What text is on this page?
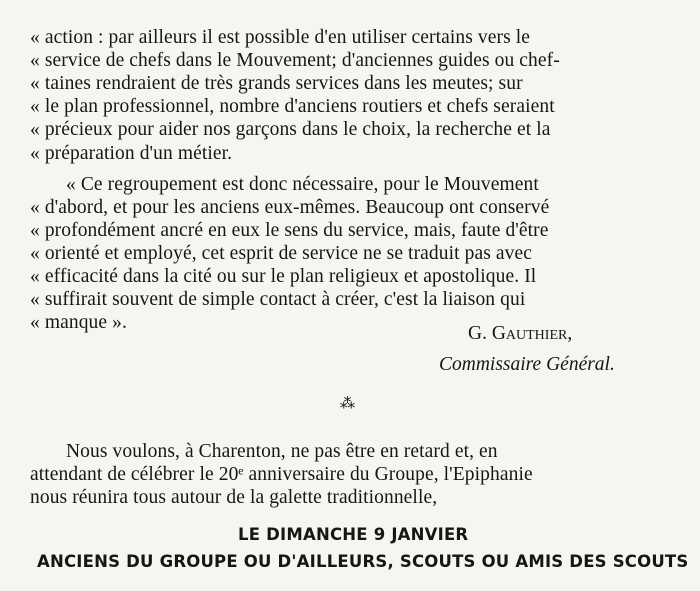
« action : par ailleurs il est possible d'en utiliser certains vers le
« service de chefs dans le Mouvement; d'anciennes guides ou chef-
« taines rendraient de très grands services dans les meutes; sur
« le plan professionnel, nombre d'anciens routiers et chefs seraient
« précieux pour aider nos garçons dans le choix, la recherche et la
« préparation d'un métier.
« Ce regroupement est donc nécessaire, pour le Mouvement
« d'abord, et pour les anciens eux-mêmes. Beaucoup ont conservé
« profondément ancré en eux le sens du service, mais, faute d'être
« orienté et employé, cet esprit de service ne se traduit pas avec
« efficacité dans la cité ou sur le plan religieux et apostolique. Il
« suffirait souvent de simple contact à créer, c'est la liaison qui
« manque ».
G. Gauthier,
Commissaire Général.
⁂
Nous voulons, à Charenton, ne pas être en retard et, en
attendant de célébrer le 20ᵉ anniversaire du Groupe, l'Epiphanie
nous réunira tous autour de la galette traditionnelle,
LE DIMANCHE 9 JANVIER
ANCIENS DU GROUPE OU D'AILLEURS, SCOUTS OU AMIS DES SCOUTS
